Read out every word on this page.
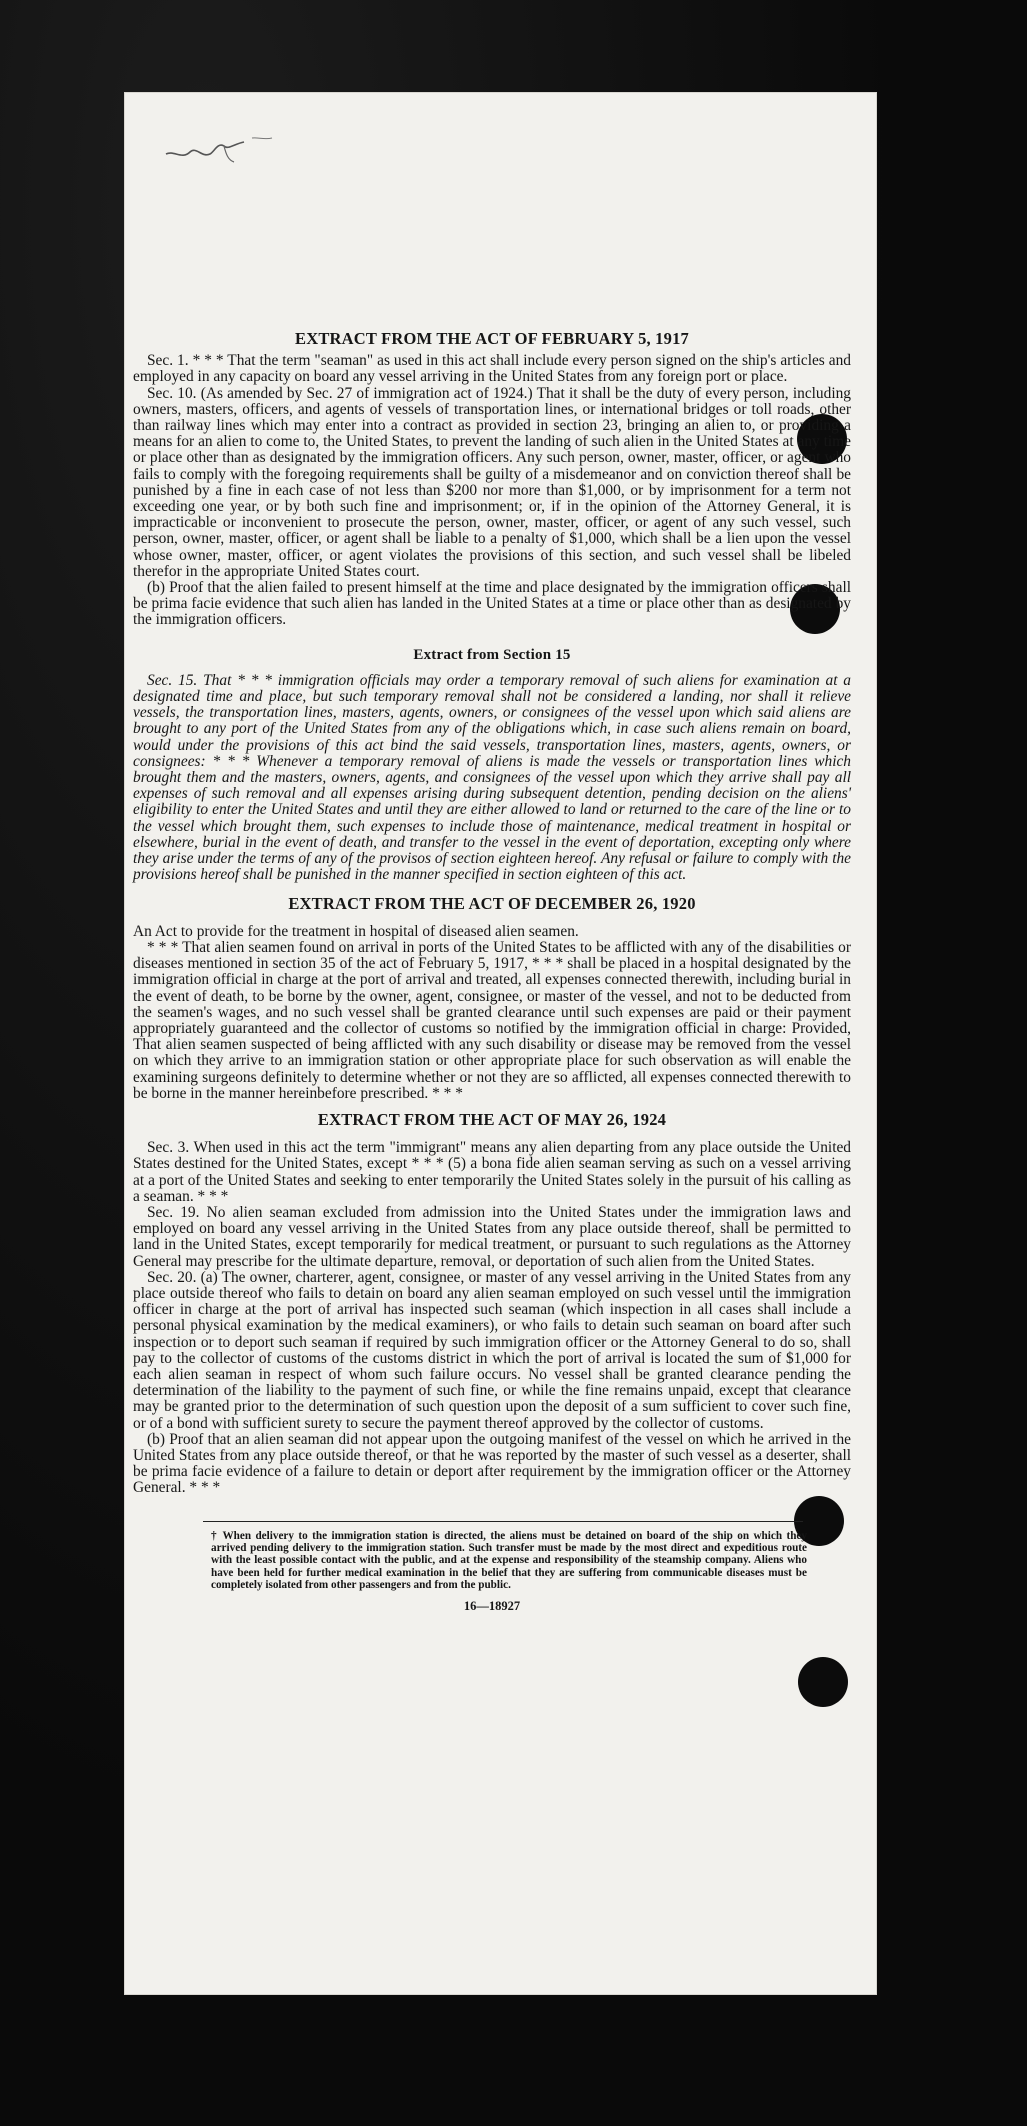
EXTRACT FROM THE ACT OF FEBRUARY 5, 1917

Sec. 1. * * * That the term "seaman" as used in this act shall include every person signed on the ship's articles and employed in any capacity on board any vessel arriving in the United States from any foreign port or place.

Sec. 10. (As amended by Sec. 27 of immigration act of 1924.) That it shall be the duty of every person, including owners, masters, officers, and agents of vessels of transportation lines, or international bridges or toll roads, other than railway lines which may enter into a contract as provided in section 23, bringing an alien to, or providing a means for an alien to come to, the United States, to prevent the landing of such alien in the United States at any time or place other than as designated by the immigration officers. Any such person, owner, master, officer, or agent who fails to comply with the foregoing requirements shall be guilty of a misdemeanor and on conviction thereof shall be punished by a fine in each case of not less than $200 nor more than $1,000, or by imprisonment for a term not exceeding one year, or by both such fine and imprisonment; or, if in the opinion of the Attorney General, it is impracticable or inconvenient to prosecute the person, owner, master, officer, or agent of any such vessel, such person, owner, master, officer, or agent shall be liable to a penalty of $1,000, which shall be a lien upon the vessel whose owner, master, officer, or agent violates the provisions of this section, and such vessel shall be libeled therefor in the appropriate United States court.

(b) Proof that the alien failed to present himself at the time and place designated by the immigration officers shall be prima facie evidence that such alien has landed in the United States at a time or place other than as designated by the immigration officers.

Extract from Section 15

Sec. 15. That * * * immigration officials may order a temporary removal of such aliens for examination at a designated time and place, but such temporary removal shall not be considered a landing, nor shall it relieve vessels, the transportation lines, masters, agents, owners, or consignees of the vessel upon which said aliens are brought to any port of the United States from any of the obligations which, in case such aliens remain on board, would under the provisions of this act bind the said vessels, transportation lines, masters, agents, owners, or consignees: * * * Whenever a temporary removal of aliens is made the vessels or transportation lines which brought them and the masters, owners, agents, and consignees of the vessel upon which they arrive shall pay all expenses of such removal and all expenses arising during subsequent detention, pending decision on the aliens' eligibility to enter the United States and until they are either allowed to land or returned to the care of the line or to the vessel which brought them, such expenses to include those of maintenance, medical treatment in hospital or elsewhere, burial in the event of death, and transfer to the vessel in the event of deportation, excepting only where they arise under the terms of any of the provisos of section eighteen hereof. Any refusal or failure to comply with the provisions hereof shall be punished in the manner specified in section eighteen of this act.

EXTRACT FROM THE ACT OF DECEMBER 26, 1920

An Act to provide for the treatment in hospital of diseased alien seamen.

* * * That alien seamen found on arrival in ports of the United States to be afflicted with any of the disabilities or diseases mentioned in section 35 of the act of February 5, 1917, * * * shall be placed in a hospital designated by the immigration official in charge at the port of arrival and treated, all expenses connected therewith, including burial in the event of death, to be borne by the owner, agent, consignee, or master of the vessel, and not to be deducted from the seamen's wages, and no such vessel shall be granted clearance until such expenses are paid or their payment appropriately guaranteed and the collector of customs so notified by the immigration official in charge: Provided, That alien seamen suspected of being afflicted with any such disability or disease may be removed from the vessel on which they arrive to an immigration station or other appropriate place for such observation as will enable the examining surgeons definitely to determine whether or not they are so afflicted, all expenses connected therewith to be borne in the manner hereinbefore prescribed. * * *

EXTRACT FROM THE ACT OF MAY 26, 1924

Sec. 3. When used in this act the term "immigrant" means any alien departing from any place outside the United States destined for the United States, except * * * (5) a bona fide alien seaman serving as such on a vessel arriving at a port of the United States and seeking to enter temporarily the United States solely in the pursuit of his calling as a seaman. * * *

Sec. 19. No alien seaman excluded from admission into the United States under the immigration laws and employed on board any vessel arriving in the United States from any place outside thereof, shall be permitted to land in the United States, except temporarily for medical treatment, or pursuant to such regulations as the Attorney General may prescribe for the ultimate departure, removal, or deportation of such alien from the United States.

Sec. 20. (a) The owner, charterer, agent, consignee, or master of any vessel arriving in the United States from any place outside thereof who fails to detain on board any alien seaman employed on such vessel until the immigration officer in charge at the port of arrival has inspected such seaman (which inspection in all cases shall include a personal physical examination by the medical examiners), or who fails to detain such seaman on board after such inspection or to deport such seaman if required by such immigration officer or the Attorney General to do so, shall pay to the collector of customs of the customs district in which the port of arrival is located the sum of $1,000 for each alien seaman in respect of whom such failure occurs. No vessel shall be granted clearance pending the determination of the liability to the payment of such fine, or while the fine remains unpaid, except that clearance may be granted prior to the determination of such question upon the deposit of a sum sufficient to cover such fine, or of a bond with sufficient surety to secure the payment thereof approved by the collector of customs.

(b) Proof that an alien seaman did not appear upon the outgoing manifest of the vessel on which he arrived in the United States from any place outside thereof, or that he was reported by the master of such vessel as a deserter, shall be prima facie evidence of a failure to detain or deport after requirement by the immigration officer or the Attorney General. * * *

† When delivery to the immigration station is directed, the aliens must be detained on board of the ship on which they arrived pending delivery to the immigration station. Such transfer must be made by the most direct and expeditious route with the least possible contact with the public, and at the expense and responsibility of the steamship company. Aliens who have been held for further medical examination in the belief that they are suffering from communicable diseases must be completely isolated from other passengers and from the public.
16—18927
